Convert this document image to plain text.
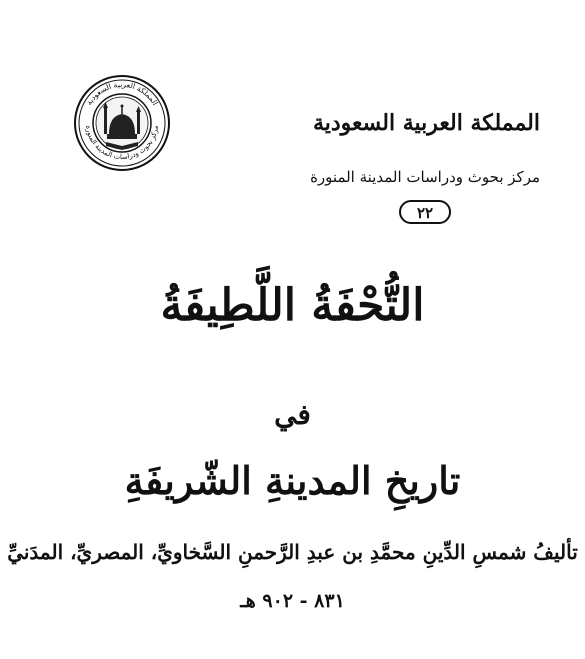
المملكة العربية السعودية
مركز بحوث ودراسات المدينة المنورة	المملكة العربية السعودية
مركز بحوث ودراسات المدينة المنورة
٢٢
التُّحْفَةُ اللَّطِيفَةُ
في
تاريخِ المدينةِ الشّريفَةِ
تأليفُ شمسِ الدِّينِ محمَّدِ بن عبدِ الرَّحمنِ السَّخاويِّ، المصريِّ، المدَنيِّ
٨٣١ - ٩٠٢ هـ
